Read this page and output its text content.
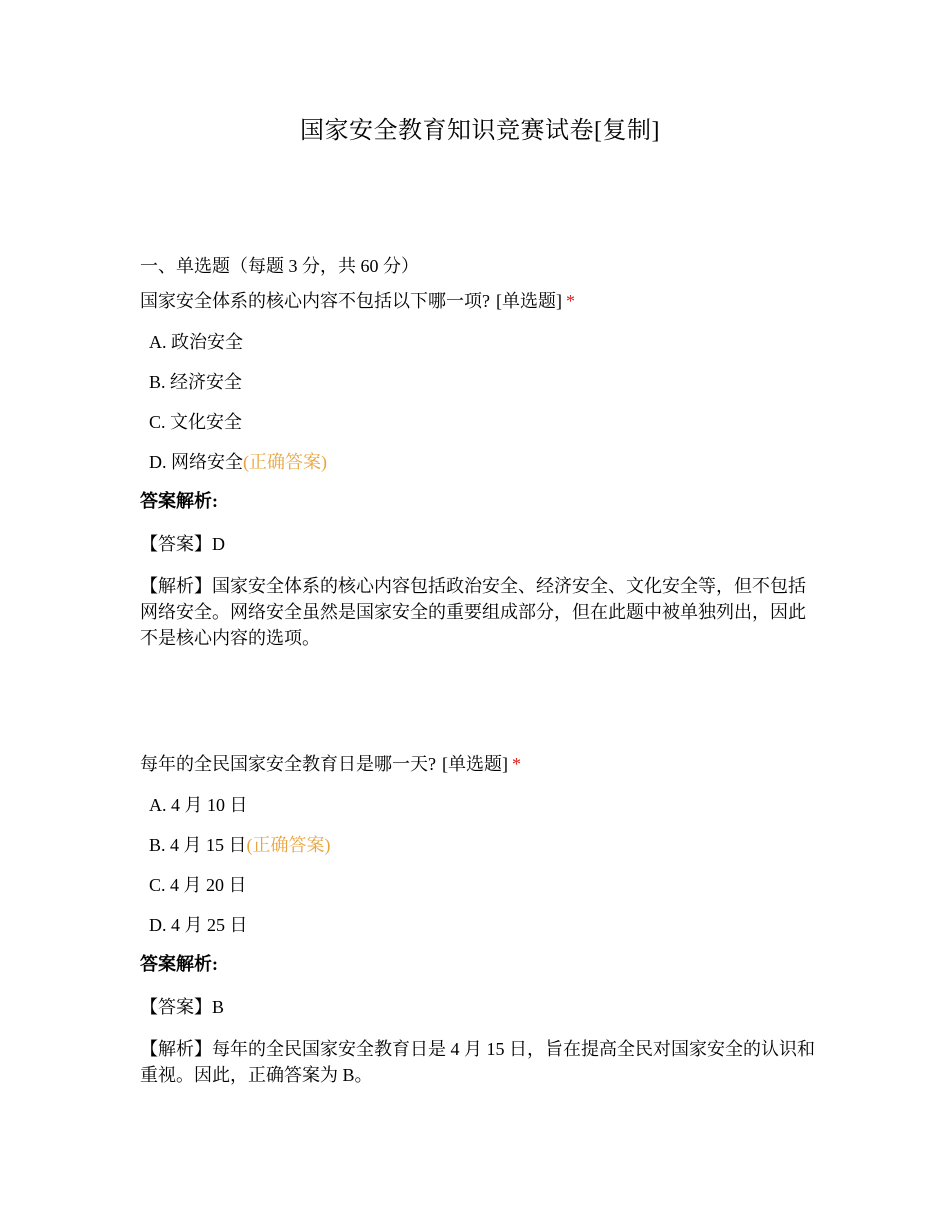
国家安全教育知识竞赛试卷[复制]
一、单选题（每题 3 分，共 60 分）

国家安全体系的核心内容不包括以下哪一项? [单选题] *

A. 政治安全
B. 经济安全
C. 文化安全
D. 网络安全(正确答案)
答案解析:
【答案】D
【解析】国家安全体系的核心内容包括政治安全、经济安全、文化安全等，但不包括网络安全。网络安全虽然是国家安全的重要组成部分，但在此题中被单独列出，因此不是核心内容的选项。

每年的全民国家安全教育日是哪一天? [单选题] *

A. 4 月 10 日
B. 4 月 15 日(正确答案)
C. 4 月 20 日
D. 4 月 25 日
答案解析:
【答案】B
【解析】每年的全民国家安全教育日是 4 月 15 日，旨在提高全民对国家安全的认识和重视。因此，正确答案为 B。
